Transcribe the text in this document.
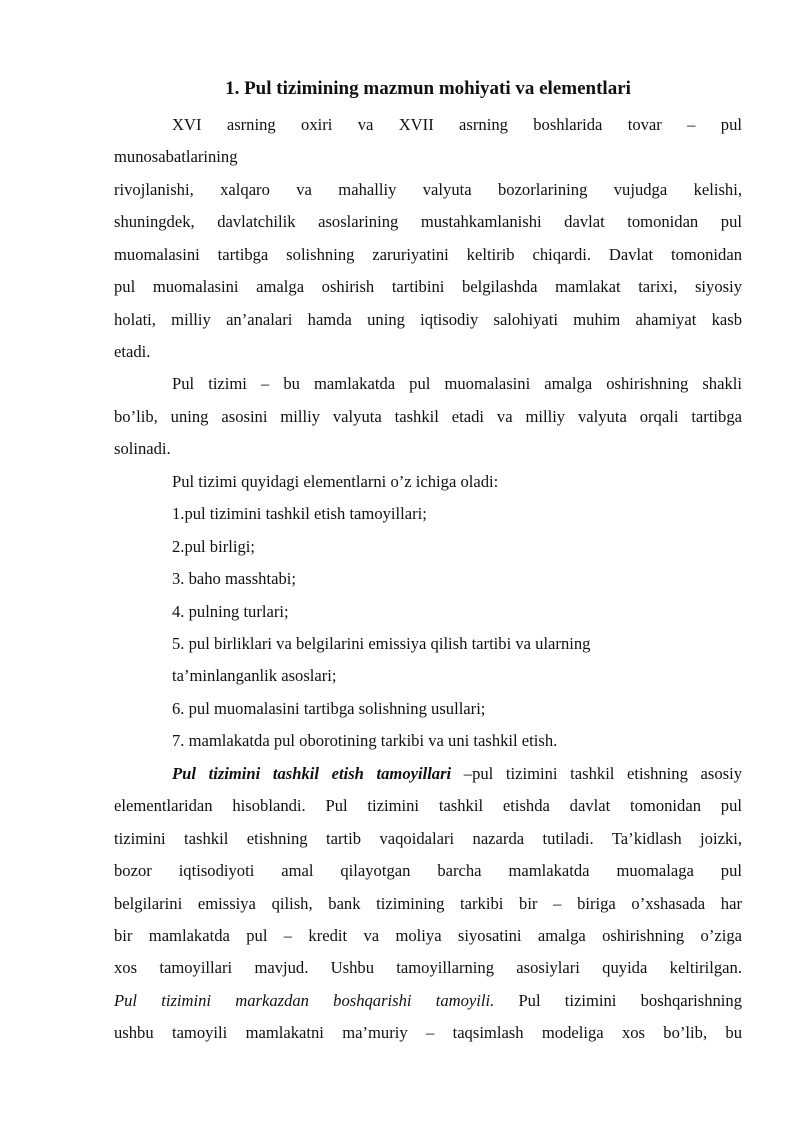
1. Pul tizimining mazmun mohiyati va elementlari
XVI asrning oxiri va XVII asrning boshlarida tovar – pul
munosabatlarining
rivojlanishi, xalqaro va mahalliy valyuta bozorlarining vujudga kelishi,
shuningdek, davlatchilik asoslarining mustahkamlanishi davlat tomonidan pul
muomalasini tartibga solishning zaruriyatini keltirib chiqardi. Davlat tomonidan
pul muomalasini amalga oshirish tartibini belgilashda mamlakat tarixi, siyosiy
holati, milliy an’analari hamda uning iqtisodiy salohiyati muhim ahamiyat kasb
etadi.
Pul tizimi – bu mamlakatda pul muomalasini amalga oshirishning shakli
bo’lib, uning asosini milliy valyuta tashkil etadi va milliy valyuta orqali tartibga
solinadi.
Pul tizimi quyidagi elementlarni o’z ichiga oladi:
1.pul tizimini tashkil etish tamoyillari;
2.pul birligi;
3. baho masshtabi;
4. pulning turlari;
5. pul birliklari va belgilarini emissiya qilish tartibi va ularning
ta’minlanganlik asoslari;
6. pul muomalasini tartibga solishning usullari;
7. mamlakatda pul oborotining tarkibi va uni tashkil etish.
Pul tizimini tashkil etish tamoyillari –pul tizimini tashkil etishning asosiy
elementlaridan hisoblandi. Pul tizimini tashkil etishda davlat tomonidan pul
tizimini tashkil etishning tartib vaqoidalari nazarda tutiladi. Ta’kidlash joizki,
bozor iqtisodiyoti amal qilayotgan barcha mamlakatda muomalaga pul
belgilarini emissiya qilish, bank tizimining tarkibi bir – biriga o’xshasada har
bir mamlakatda pul – kredit va moliya siyosatini amalga oshirishning o’ziga
xos tamoyillari mavjud. Ushbu tamoyillarning asosiylari quyida keltirilgan.
Pul tizimini markazdan boshqarishi tamoyili. Pul tizimini boshqarishning
ushbu tamoyili mamlakatni ma’muriy – taqsimlash modeliga xos bo’lib, bu
